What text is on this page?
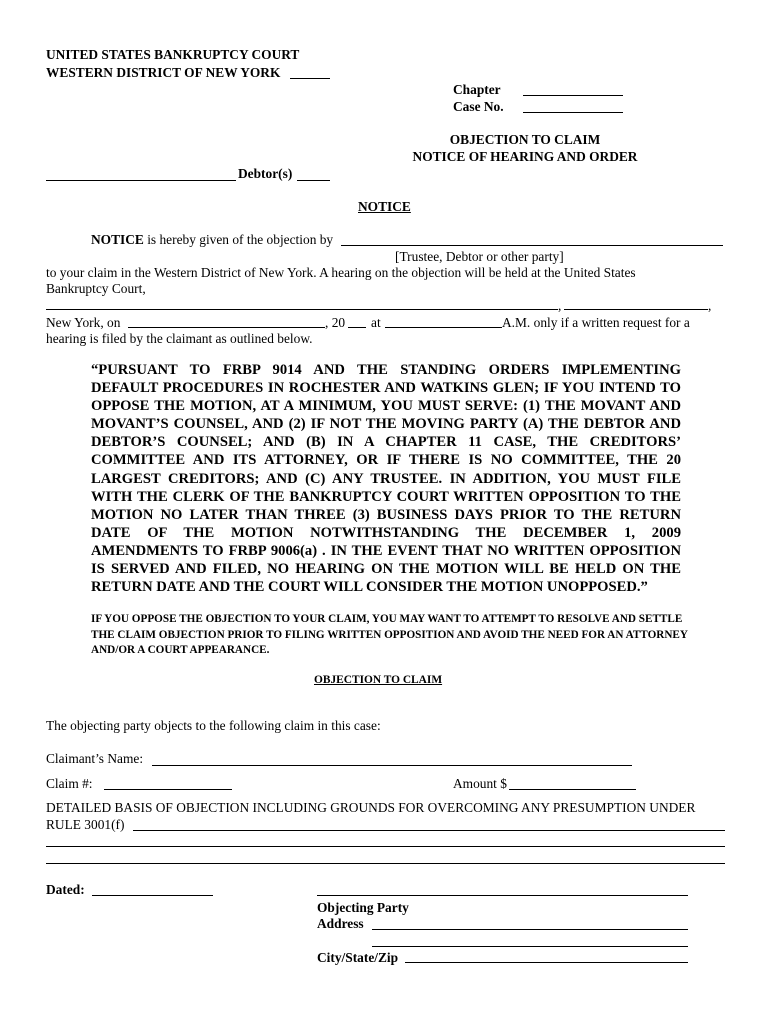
UNITED STATES BANKRUPTCY COURT
WESTERN DISTRICT OF NEW YORK
Chapter
Case No.
OBJECTION TO CLAIM
NOTICE OF HEARING AND ORDER
Debtor(s)
NOTICE
NOTICE is hereby given of the objection by
[Trustee, Debtor or other party]
to your claim in the Western District of New York. A hearing on the objection will be held at the United States
Bankruptcy Court,
,	,
New York, on	, 20 at	A.M. only if a written request for a
hearing is filed by the claimant as outlined below.
“PURSUANT TO FRBP 9014 AND THE STANDING ORDERS IMPLEMENTING DEFAULT PROCEDURES IN ROCHESTER AND WATKINS GLEN; IF YOU INTEND TO OPPOSE THE MOTION, AT A MINIMUM, YOU MUST SERVE: (1) THE MOVANT AND MOVANT’S COUNSEL, AND (2) IF NOT THE MOVING PARTY (A) THE DEBTOR AND DEBTOR’S COUNSEL; AND (B) IN A CHAPTER 11 CASE, THE CREDITORS’ COMMITTEE AND ITS ATTORNEY, OR IF THERE IS NO COMMITTEE, THE 20 LARGEST CREDITORS; AND (C) ANY TRUSTEE. IN ADDITION, YOU MUST FILE WITH THE CLERK OF THE BANKRUPTCY COURT WRITTEN OPPOSITION TO THE MOTION NO LATER THAN THREE (3) BUSINESS DAYS PRIOR TO THE RETURN DATE OF THE MOTION NOTWITHSTANDING THE DECEMBER 1, 2009 AMENDMENTS TO FRBP 9006(a) . IN THE EVENT THAT NO WRITTEN OPPOSITION IS SERVED AND FILED, NO HEARING ON THE MOTION WILL BE HELD ON THE RETURN DATE AND THE COURT WILL CONSIDER THE MOTION UNOPPOSED.”
IF YOU OPPOSE THE OBJECTION TO YOUR CLAIM, YOU MAY WANT TO ATTEMPT TO RESOLVE AND SETTLE THE CLAIM OBJECTION PRIOR TO FILING WRITTEN OPPOSITION AND AVOID THE NEED FOR AN ATTORNEY AND/OR A COURT APPEARANCE.
OBJECTION TO CLAIM
The objecting party objects to the following claim in this case:
Claimant’s Name:
Claim #:	Amount $
DETAILED BASIS OF OBJECTION INCLUDING GROUNDS FOR OVERCOMING ANY PRESUMPTION UNDER
RULE 3001(f)
Dated:
Objecting Party
Address
City/State/Zip
